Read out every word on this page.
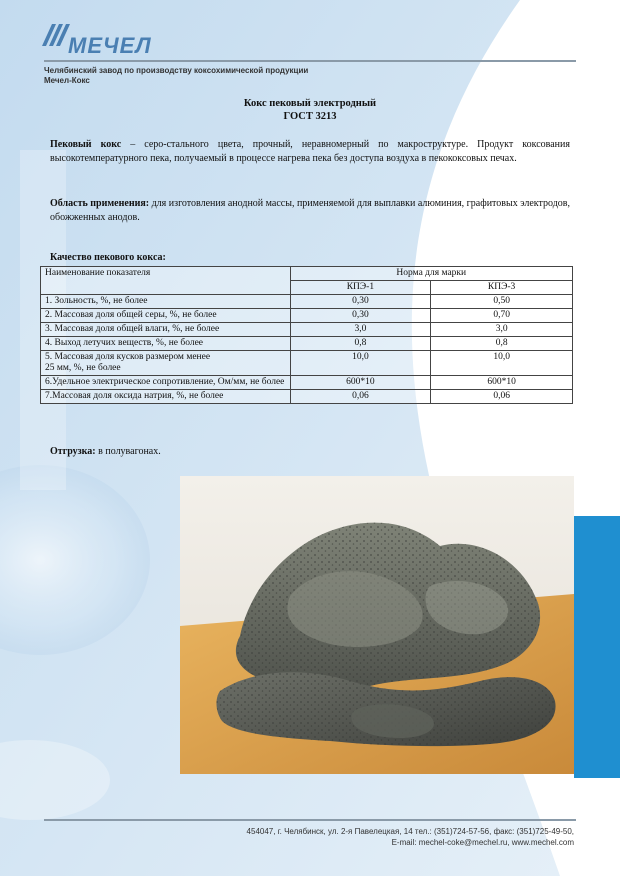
МЕЧЕЛ
Челябинский завод по производству коксохимической продукции
Мечел-Кокс
Кокс пековый электродный
ГОСТ 3213
Пековый кокс – серо-стального цвета, прочный, неравномерный по макроструктуре. Продукт коксования высокотемпературного пека, получаемый в процессе нагрева пека без доступа воздуха в пекококсовых печах.
Область применения: для изготовления анодной массы, применяемой для выплавки алюминия, графитовых электродов, обожженных анодов.
Качество пекового кокса:
Наименование показателя	Норма для марки	
	КПЭ-1	КПЭ-3
1. Зольность, %, не более	0,30	0,50
2. Массовая доля общей серы, %, не более	0,30	0,70
3. Массовая доля общей влаги, %, не более	3,0	3,0
4. Выход летучих веществ, %, не более	0,8	0,8
5. Массовая доля кусков размером менее
25 мм, %, не более	10,0	10,0
6.Удельное электрическое сопротивление, Ом/мм, не более	600*10	600*10
7.Массовая доля оксида натрия, %, не более	0,06	0,06
Отгрузка: в полувагонах.
454047, г. Челябинск, ул. 2-я Павелецкая, 14 тел.: (351)724-57-56, факс: (351)725-49-50,
E-mail: mechel-coke@mechel.ru, www.mechel.com
